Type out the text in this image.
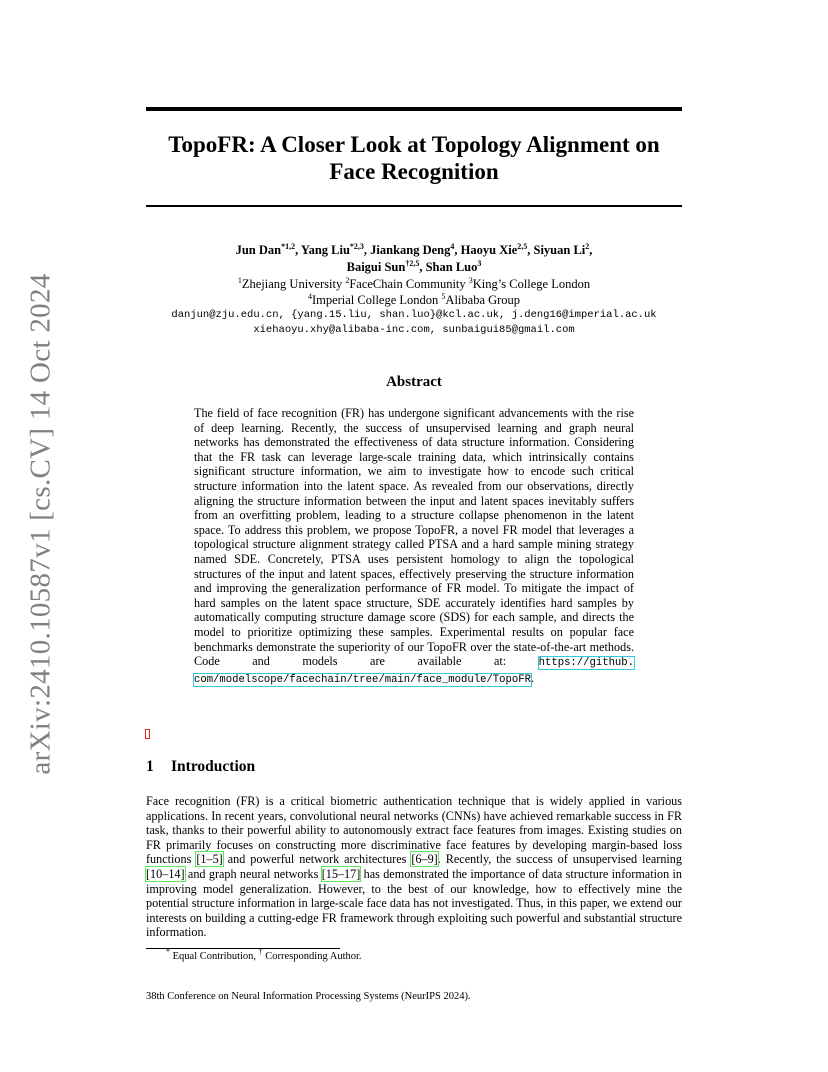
arXiv:2410.10587v1 [cs.CV] 14 Oct 2024
TopoFR: A Closer Look at Topology Alignment on
Face Recognition
Jun Dan$^{*1,2}$, Yang Liu$^{*2,3}$, Jiankang Deng$^4$, Haoyu Xie$^{2,5}$, Siyuan Li$^2$,
Baigui Sun$^{\dagger 2,5}$, Shan Luo$^3$
$^1$Zhejiang University $^2$FaceChain Community $^3$King’s College London
$^4$Imperial College London $^5$Alibaba Group
danjun@zju.edu.cn, {yang.15.liu, shan.luo}@kcl.ac.uk, j.deng16@imperial.ac.uk
xiehaoyu.xhy@alibaba-inc.com, sunbaigui85@gmail.com
Abstract

The field of face recognition (FR) has undergone significant advancements with the rise of deep learning. Recently, the success of unsupervised learning and graph neural networks has demonstrated the effectiveness of data structure information. Considering that the FR task can leverage large-scale training data, which intrinsically contains significant structure information, we aim to investigate how to encode such critical structure information into the latent space. As revealed from our observations, directly aligning the structure information between the input and latent spaces inevitably suffers from an overfitting problem, leading to a structure collapse phenomenon in the latent space. To address this problem, we propose TopoFR, a novel FR model that leverages a topological structure alignment strategy called PTSA and a hard sample mining strategy named SDE. Concretely, PTSA uses persistent homology to align the topological structures of the input and latent spaces, effectively preserving the structure information and improving the generalization performance of FR model. To mitigate the impact of hard samples on the latent space structure, SDE accurately identifies hard samples by automatically computing structure damage score (SDS) for each sample, and directs the model to prioritize optimizing these samples. Experimental results on popular face benchmarks demonstrate the superiority of our TopoFR over the state-of-the-art methods. Code and models are available at: https://github. com/modelscope/facechain/tree/main/face_module/TopoFR.

1 Introduction

Face recognition (FR) is a critical biometric authentication technique that is widely applied in various applications. In recent years, convolutional neural networks (CNNs) have achieved remarkable success in FR task, thanks to their powerful ability to autonomously extract face features from images. Existing studies on FR primarily focuses on constructing more discriminative face features by developing margin-based loss functions [1–5] and powerful network architectures [6–9]. Recently, the success of unsupervised learning [10–14] and graph neural networks [15–17] has demonstrated the importance of data structure information in improving model generalization. However, to the best of our knowledge, how to effectively mine the potential structure information in large-scale face data has not investigated. Thus, in this paper, we extend our interests on building a cutting-edge FR framework through exploiting such powerful and substantial structure information.

* Equal Contribution, † Corresponding Author.
38th Conference on Neural Information Processing Systems (NeurIPS 2024).
